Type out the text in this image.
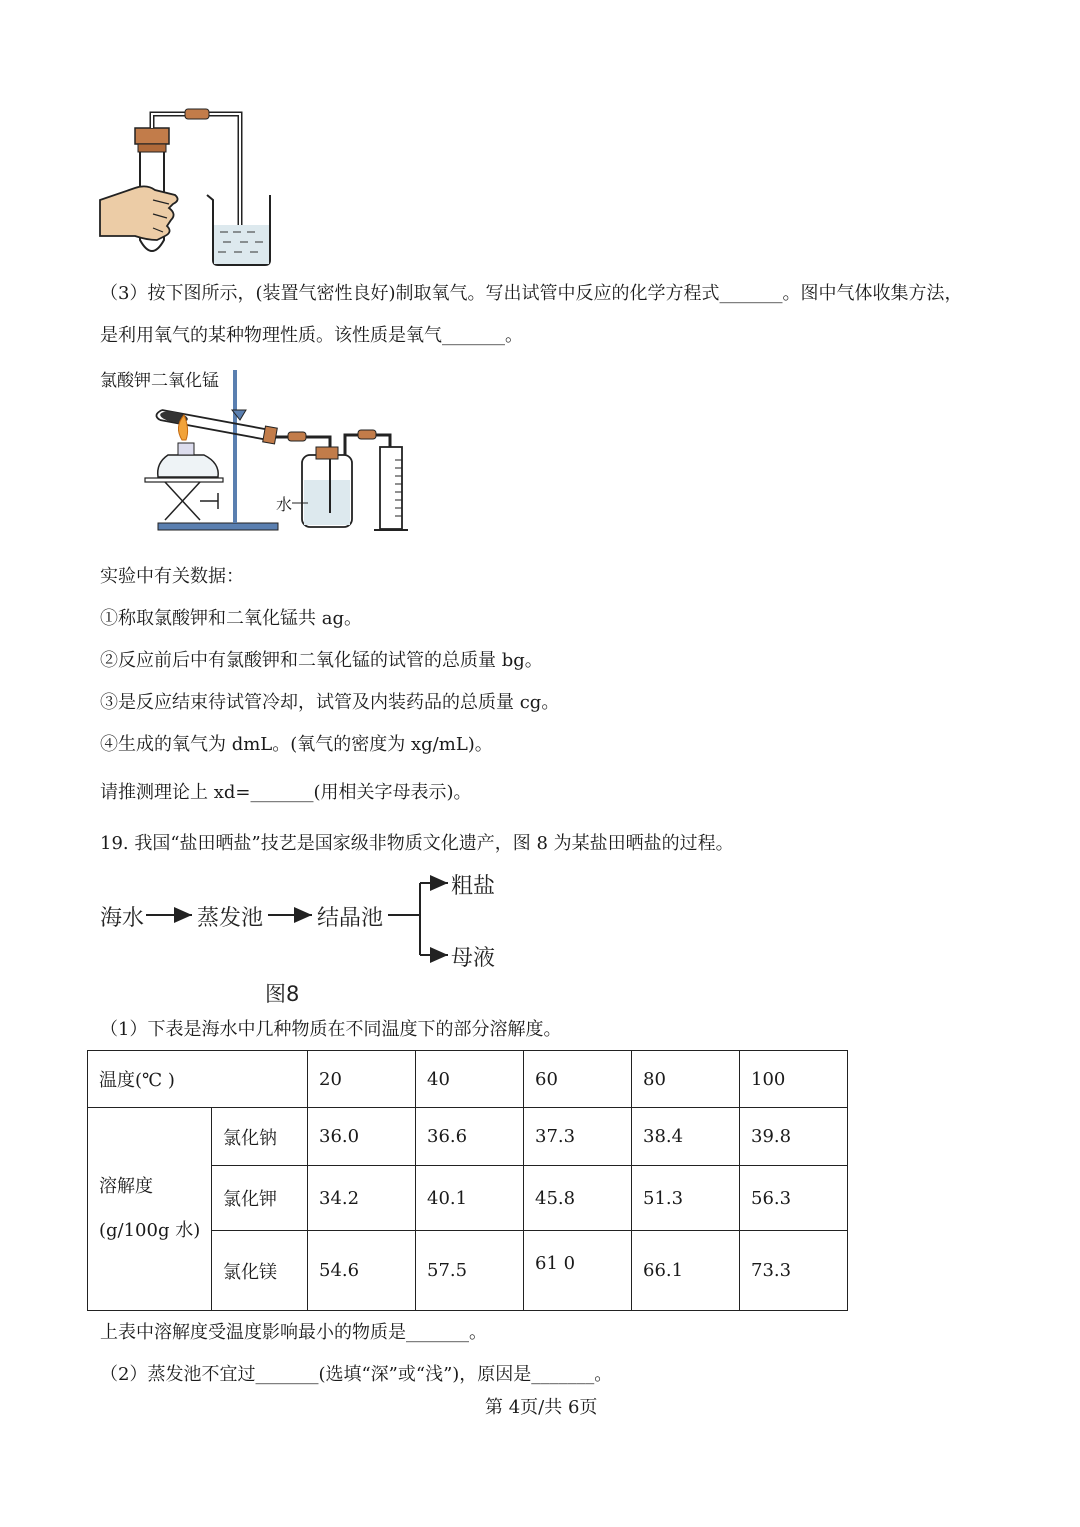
（3）按下图所示，(装置气密性良好)制取氧气。写出试管中反应的化学方程式_______。图中气体收集方法，
是利用氧气的某种物理性质。该性质是氧气_______。
氯酸钾二氧化锰
水
实验中有关数据：
①称取氯酸钾和二氧化锰共 ag。
②反应前后中有氯酸钾和二氧化锰的试管的总质量 bg。
③是反应结束待试管冷却，试管及内装药品的总质量 cg。
④生成的氧气为 dmL。(氧气的密度为 xg/mL)。
请推测理论上 xd=_______(用相关字母表示)。
19. 我国“盐田晒盐”技艺是国家级非物质文化遗产，图 8 为某盐田晒盐的过程。
海水 蒸发池 结晶池
粗盐
母液
图8
（1）下表是海水中几种物质在不同温度下的部分溶解度。
温度(℃ )		20	40	60	80	100

溶解度
(g/100g 水)	氯化钠	36.0	36.6	37.3	38.4	39.8
	氯化钾	34.2	40.1	45.8	51.3	56.3
	氯化镁	54.6	57.5	61 0	66.1	73.3
上表中溶解度受温度影响最小的物质是_______。
（2）蒸发池不宜过_______(选填“深”或“浅”)，原因是_______。
第 4页/共 6页
